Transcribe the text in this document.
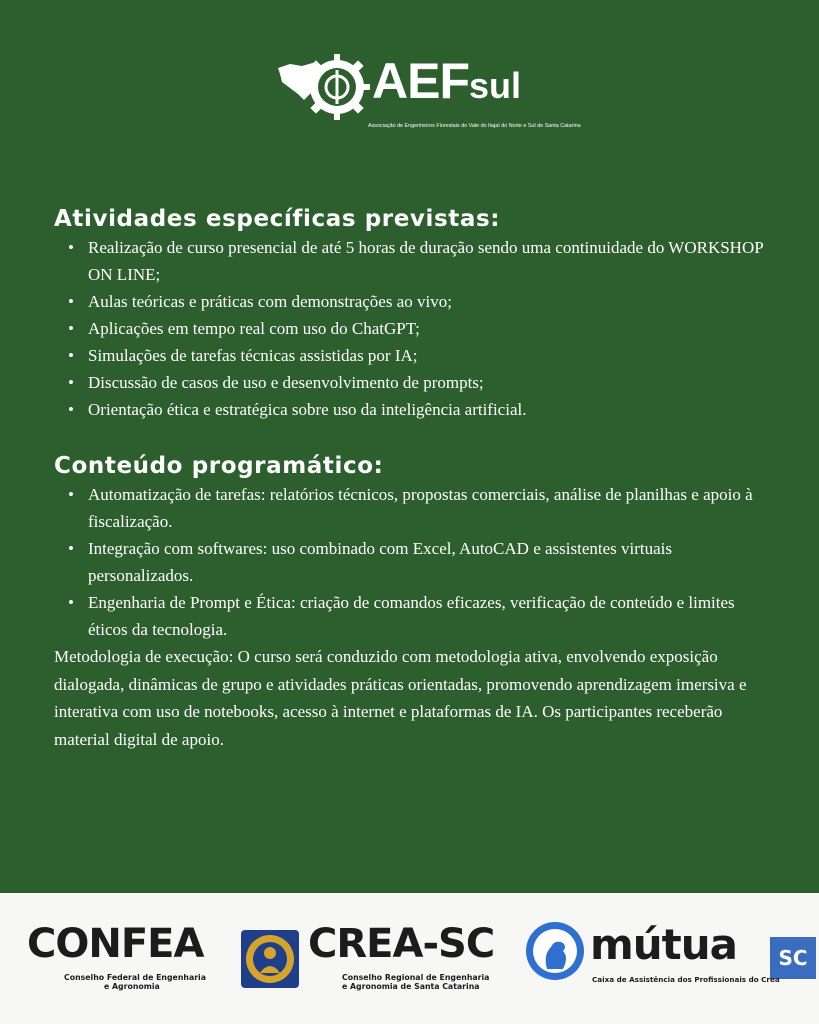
AEFsul
Associação de Engenheiros Florestais do Vale do Itajaí do Norte e Sul de Santa Catarina
Atividades específicas previstas:
• Realização de curso presencial de até 5 horas de duração sendo uma continuidade do WORKSHOP ON LINE;
• Aulas teóricas e práticas com demonstrações ao vivo;
• Aplicações em tempo real com uso do ChatGPT;
• Simulações de tarefas técnicas assistidas por IA;
• Discussão de casos de uso e desenvolvimento de prompts;
• Orientação ética e estratégica sobre uso da inteligência artificial.
Conteúdo programático:
• Automatização de tarefas: relatórios técnicos, propostas comerciais, análise de planilhas e apoio à fiscalização.
• Integração com softwares: uso combinado com Excel, AutoCAD e assistentes virtuais personalizados.
• Engenharia de Prompt e Ética: criação de comandos eficazes, verificação de conteúdo e limites éticos da tecnologia.

Metodologia de execução: O curso será conduzido com metodologia ativa, envolvendo exposição dialogada, dinâmicas de grupo e atividades práticas orientadas, promovendo aprendizagem imersiva e interativa com uso de notebooks, acesso à internet e plataformas de IA. Os participantes receberão material digital de apoio.

CONFEA
Conselho Federal de Engenharia
e Agronomia
CREA-SC
Conselho Regional de Engenharia
e Agronomia de Santa Catarina
mútua	SC
Caixa de Assistência dos Profissionais do Crea
